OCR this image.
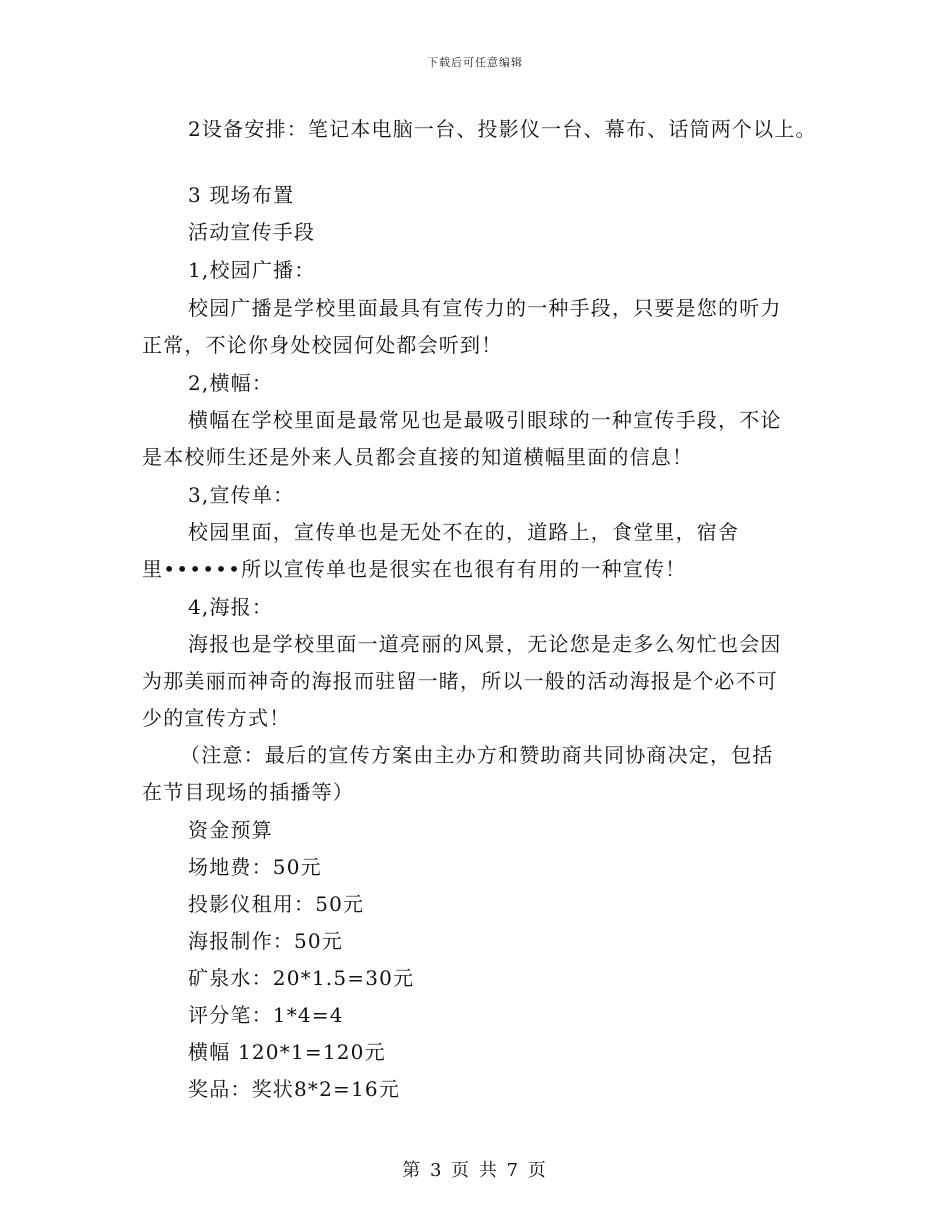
下载后可任意编辑
2设备安排：笔记本电脑一台、投影仪一台、幕布、话筒两个以上。
3 现场布置
活动宣传手段
1,校园广播：
校园广播是学校里面最具有宣传力的一种手段，只要是您的听力
正常，不论你身处校园何处都会听到！
2,横幅：
横幅在学校里面是最常见也是最吸引眼球的一种宣传手段，不论
是本校师生还是外来人员都会直接的知道横幅里面的信息！
3,宣传单：
校园里面，宣传单也是无处不在的，道路上，食堂里，宿舍
里••••••所以宣传单也是很实在也很有有用的一种宣传！
4,海报：
海报也是学校里面一道亮丽的风景，无论您是走多么匆忙也会因
为那美丽而神奇的海报而驻留一睹，所以一般的活动海报是个必不可
少的宣传方式！
（注意：最后的宣传方案由主办方和赞助商共同协商决定，包括
在节目现场的插播等）
资金预算
场地费：50元
投影仪租用：50元
海报制作：50元
矿泉水：20*1.5=30元
评分笔：1*4=4
横幅 120*1=120元
奖品：奖状8*2=16元
第 3 页 共 7 页
